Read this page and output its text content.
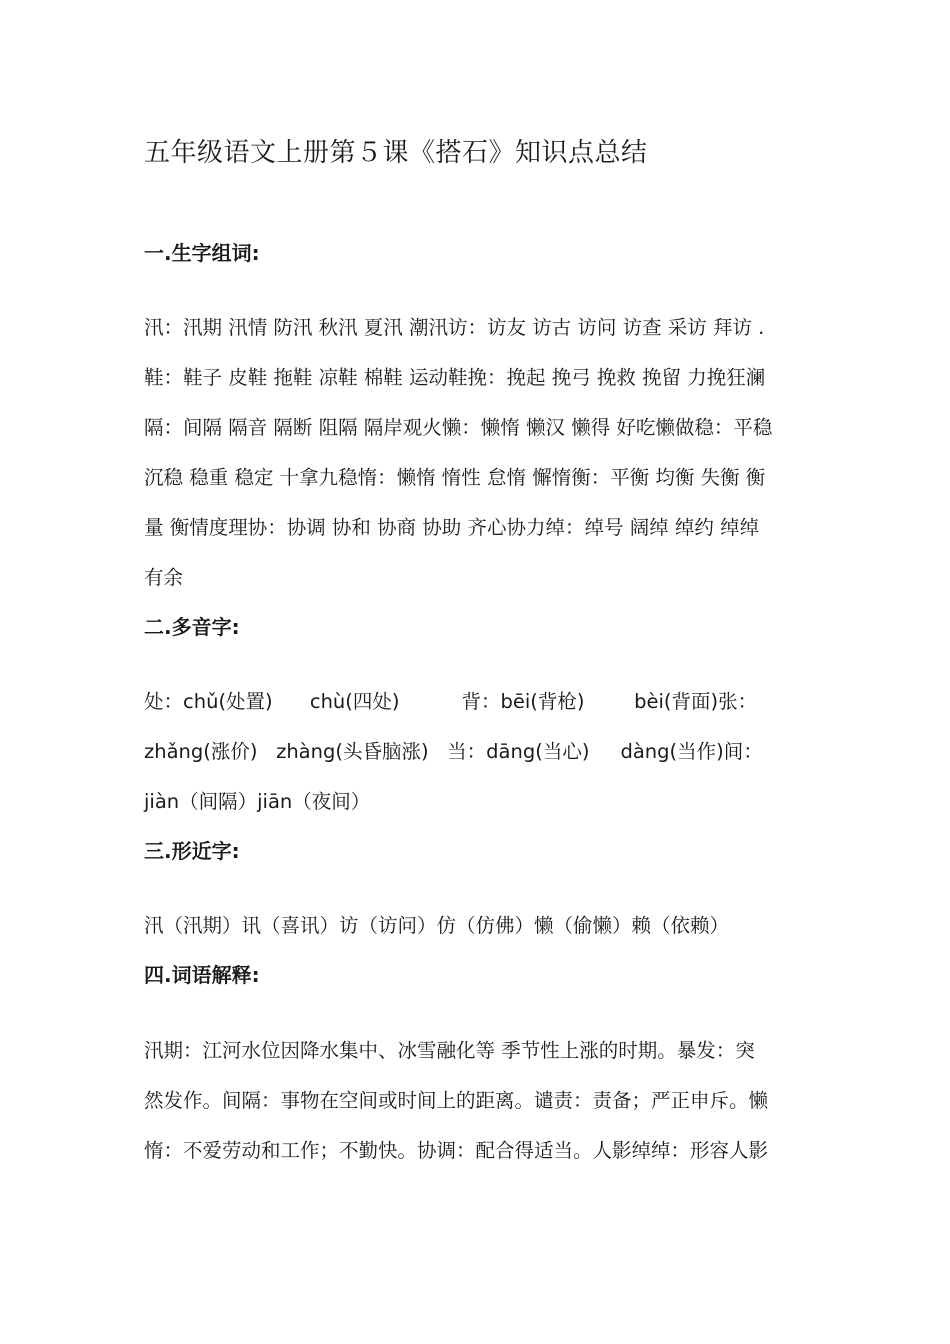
五年级语文上册第５课《搭石》知识点总结
一.生字组词:
汛：汛期 汛情 防汛 秋汛 夏汛 潮汛访：访友 访古 访问 访查 采访 拜访 .
鞋：鞋子 皮鞋 拖鞋 凉鞋 棉鞋 运动鞋挽：挽起 挽弓 挽救 挽留 力挽狂澜
隔：间隔 隔音 隔断 阻隔 隔岸观火懒：懒惰 懒汉 懒得 好吃懒做稳：平稳
沉稳 稳重 稳定 十拿九稳惰：懒惰 惰性 怠惰 懈惰衡：平衡 均衡 失衡 衡
量 衡情度理协：协调 协和 协商 协助 齐心协力绰：绰号 阔绰 绰约 绰绰
有余
二.多音字:
处：chǔ(处置)      chù(四处)          背：bēi(背枪)        bèi(背面)张：
zhǎng(涨价)   zhàng(头昏脑涨)   当：dāng(当心)     dàng(当作)间：
jiàn（间隔）jiān（夜间）
三.形近字:
汛（汛期）讯（喜讯）访（访问）仿（仿佛）懒（偷懒）赖（依赖）
四.词语解释:
汛期：江河水位因降水集中、冰雪融化等 季节性上涨的时期。暴发：突
然发作。间隔：事物在空间或时间上的距离。谴责：责备；严正申斥。懒
惰：不爱劳动和工作；不勤快。协调：配合得适当。人影绰绰：形容人影
